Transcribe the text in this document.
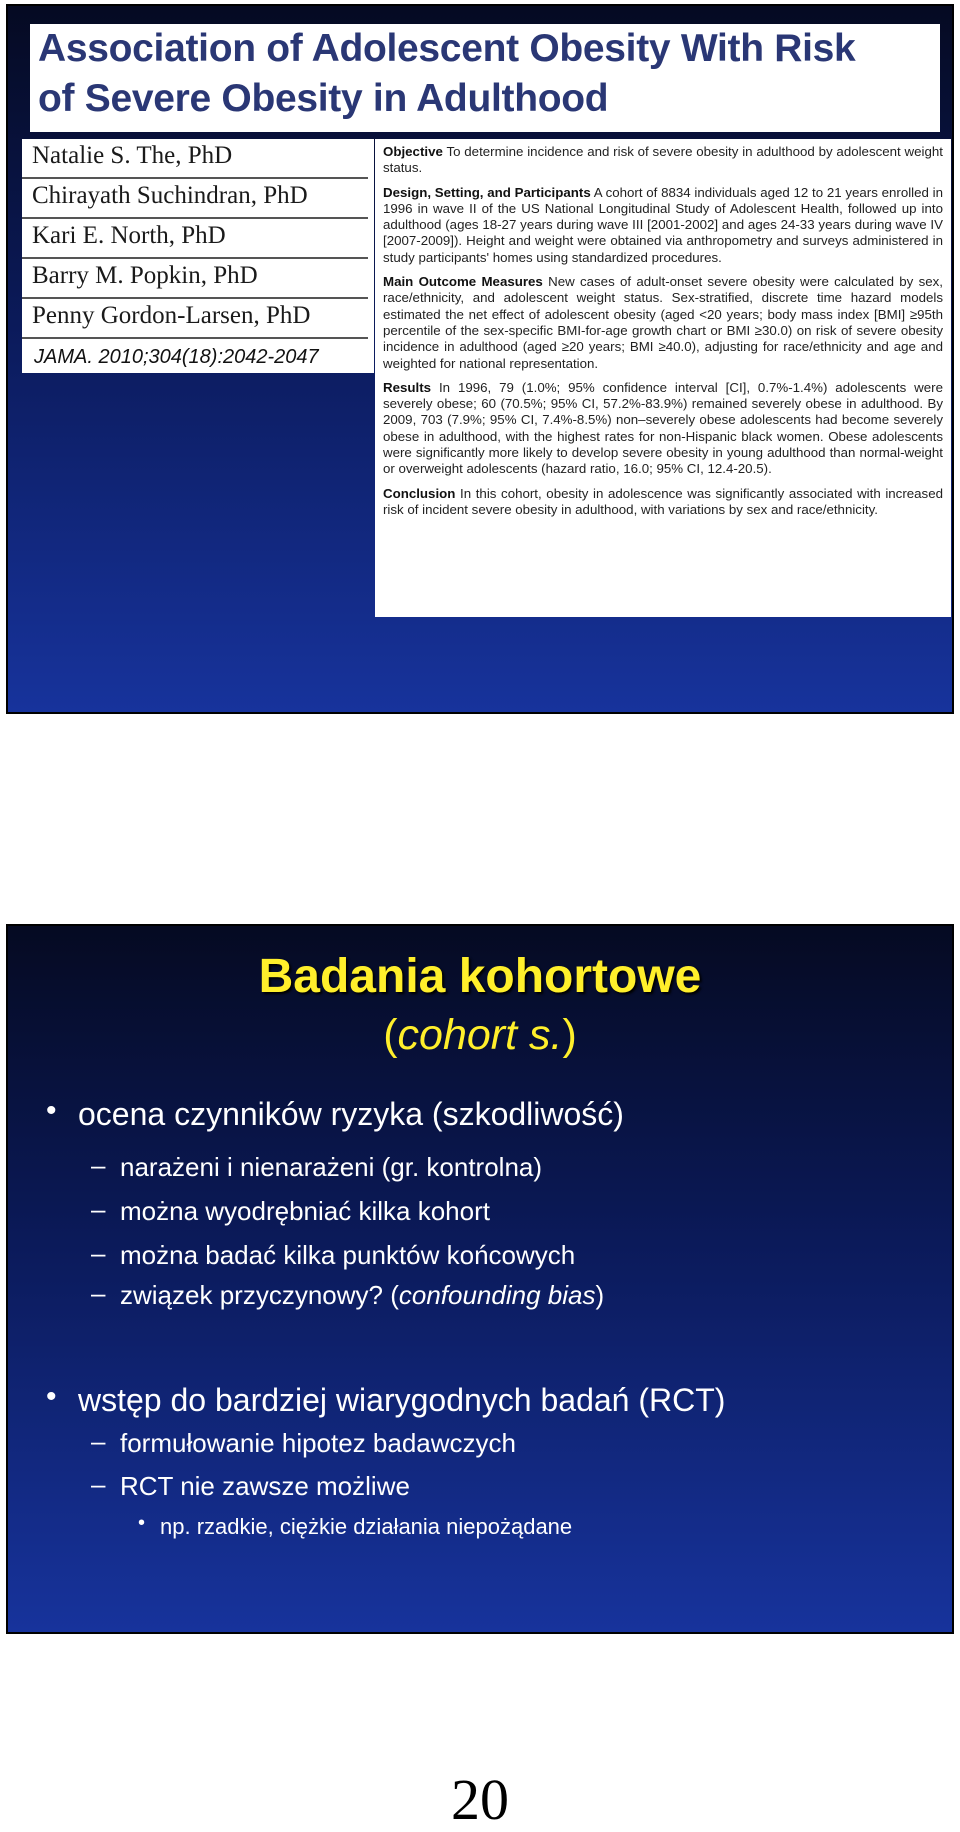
Association of Adolescent Obesity With Risk
of Severe Obesity in Adulthood
Natalie S. The, PhD
Chirayath Suchindran, PhD
Kari E. North, PhD
Barry M. Popkin, PhD
Penny Gordon-Larsen, PhD
JAMA. 2010;304(18):2042-2047

Objective To determine incidence and risk of severe obesity in adulthood by adolescent weight status.

Design, Setting, and Participants A cohort of 8834 individuals aged 12 to 21 years enrolled in 1996 in wave II of the US National Longitudinal Study of Adolescent Health, followed up into adulthood (ages 18-27 years during wave III [2001-2002] and ages 24-33 years during wave IV [2007-2009]). Height and weight were obtained via anthropometry and surveys administered in study participants' homes using standardized procedures.

Main Outcome Measures New cases of adult-onset severe obesity were calculated by sex, race/ethnicity, and adolescent weight status. Sex-stratified, discrete time hazard models estimated the net effect of adolescent obesity (aged <20 years; body mass index [BMI] ≥95th percentile of the sex-specific BMI-for-age growth chart or BMI ≥30.0) on risk of severe obesity incidence in adulthood (aged ≥20 years; BMI ≥40.0), adjusting for race/ethnicity and age and weighted for national representation.

Results In 1996, 79 (1.0%; 95% confidence interval [CI], 0.7%-1.4%) adolescents were severely obese; 60 (70.5%; 95% CI, 57.2%-83.9%) remained severely obese in adulthood. By 2009, 703 (7.9%; 95% CI, 7.4%-8.5%) non–severely obese adolescents had become severely obese in adulthood, with the highest rates for non-Hispanic black women. Obese adolescents were significantly more likely to develop severe obesity in young adulthood than normal-weight or overweight adolescents (hazard ratio, 16.0; 95% CI, 12.4-20.5).

Conclusion In this cohort, obesity in adolescence was significantly associated with increased risk of incident severe obesity in adulthood, with variations by sex and race/ethnicity.

Badania kohortowe
(cohort s.)
• ocena czynników ryzyka (szkodliwość)
– narażeni i nienarażeni (gr. kontrolna)
– można wyodrębniać kilka kohort
– można badać kilka punktów końcowych
– związek przyczynowy? (confounding bias)
• wstęp do bardziej wiarygodnych badań (RCT)
– formułowanie hipotez badawczych
– RCT nie zawsze możliwe
• np. rzadkie, ciężkie działania niepożądane
20
